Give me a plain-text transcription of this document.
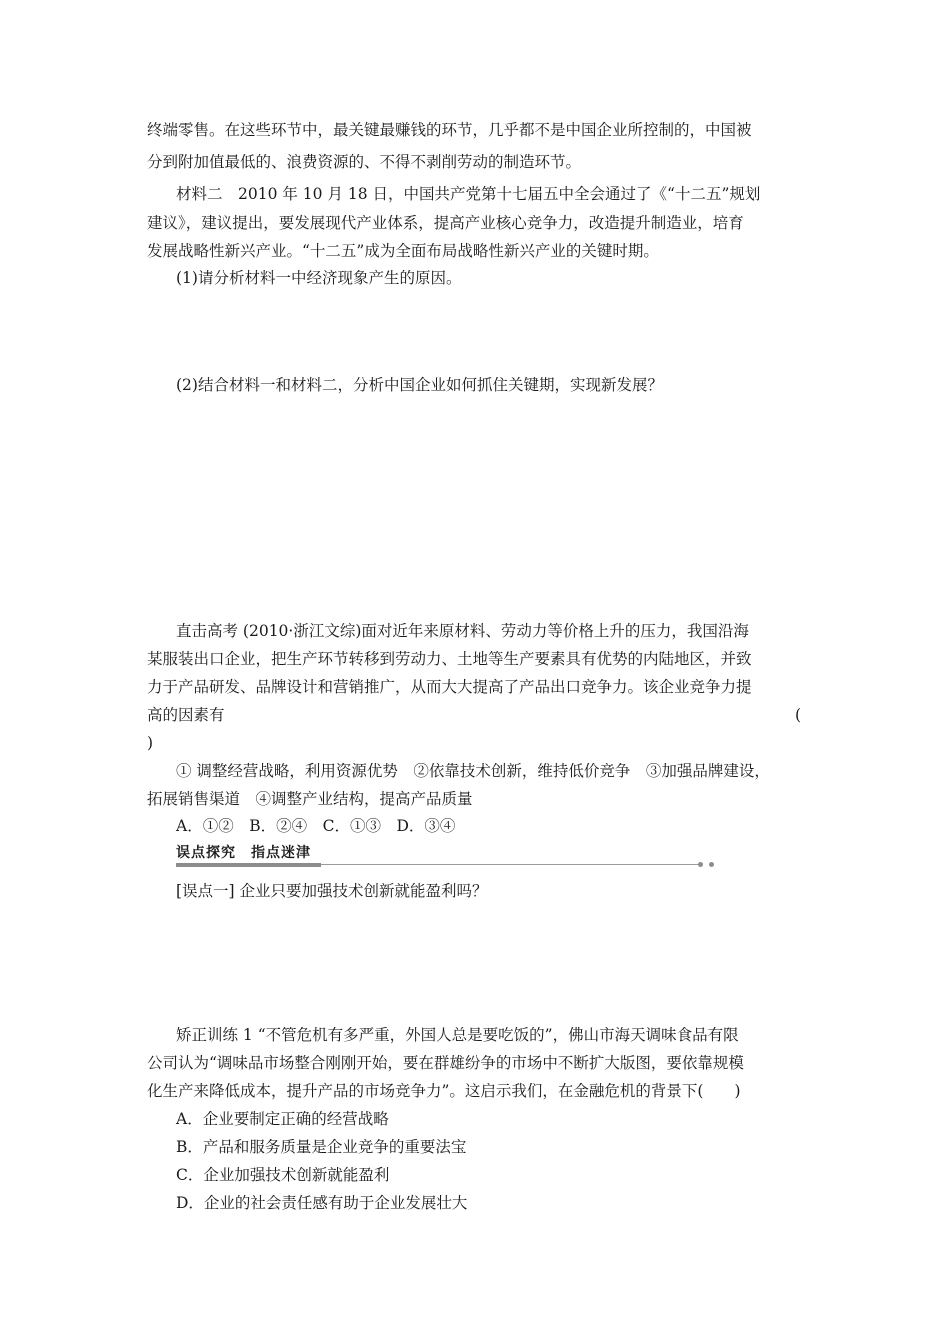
终端零售。在这些环节中，最关键最赚钱的环节，几乎都不是中国企业所控制的，中国被
分到附加值最低的、浪费资源的、不得不剥削劳动的制造环节。
材料二　2010 年 10 月 18 日，中国共产党第十七届五中全会通过了《“十二五”规划
建议》，建议提出，要发展现代产业体系，提高产业核心竞争力，改造提升制造业，培育
发展战略性新兴产业。“十二五”成为全面布局战略性新兴产业的关键时期。
(1)请分析材料一中经济现象产生的原因。
(2)结合材料一和材料二，分析中国企业如何抓住关键期，实现新发展？
直击高考 (2010·浙江文综)面对近年来原材料、劳动力等价格上升的压力，我国沿海
某服装出口企业，把生产环节转移到劳动力、土地等生产要素具有优势的内陆地区，并致
力于产品研发、品牌设计和营销推广，从而大大提高了产品出口竞争力。该企业竞争力提
高的因素有	(
)
① 调整经营战略，利用资源优势　②依靠技术创新，维持低价竞争　③加强品牌建设，
拓展销售渠道　④调整产业结构，提高产品质量
A．①②　B．②④　C．①③　D．③④
误点探究　指点迷津
[误点一] 企业只要加强技术创新就能盈利吗？
矫正训练 1 “不管危机有多严重，外国人总是要吃饭的”，佛山市海天调味食品有限
公司认为“调味品市场整合刚刚开始，要在群雄纷争的市场中不断扩大版图，要依靠规模
化生产来降低成本，提升产品的市场竞争力”。这启示我们，在金融危机的背景下(　　)
A．企业要制定正确的经营战略
B．产品和服务质量是企业竞争的重要法宝
C．企业加强技术创新就能盈利
D．企业的社会责任感有助于企业发展壮大
